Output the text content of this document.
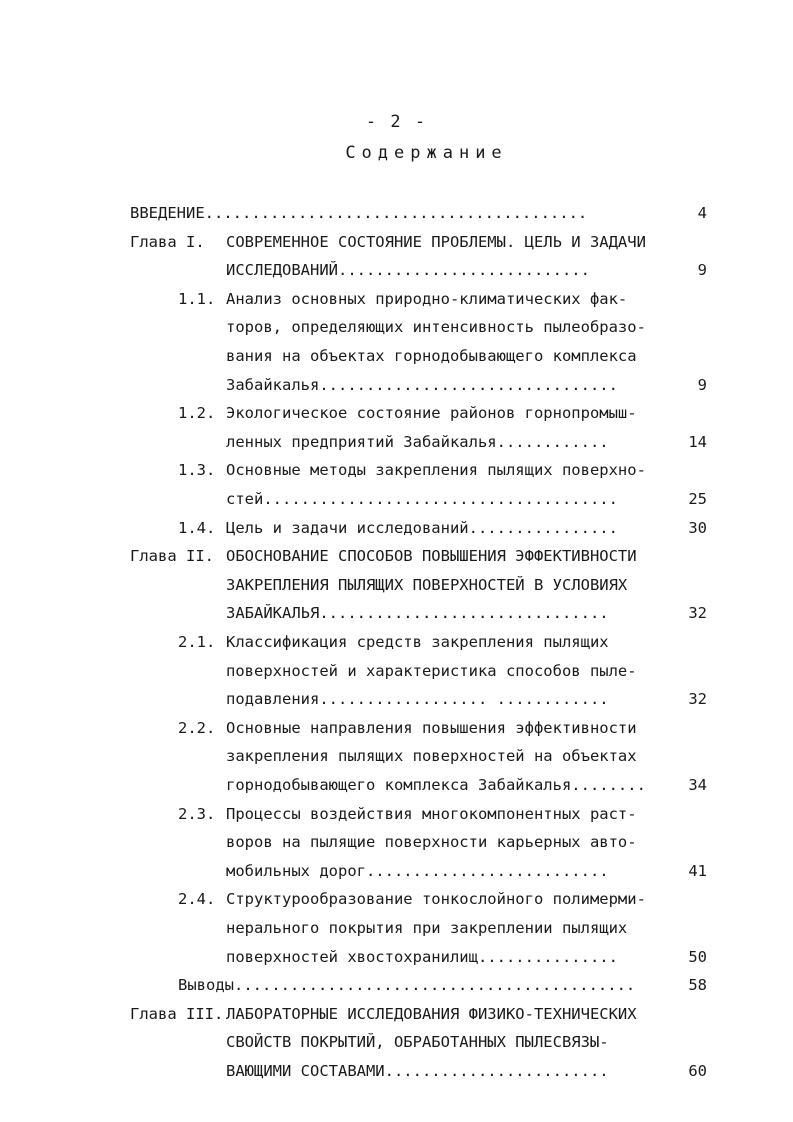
- 2 -
Содержание
ВВЕДЕНИЕ.........................................	4
Глава I. СОВРЕМЕННОЕ СОСТОЯНИЕ ПРОБЛЕМЫ. ЦЕЛЬ И ЗАДАЧИ
ИССЛЕДОВАНИЙ...........................	9
1.1. Анализ основных природно-климатических фак-
торов, определяющих интенсивность пылеобразо-
вания на объектах горнодобывающего комплекса
Забайкалья................................	9
1.2. Экологическое состояние районов горнопромыш-
ленных предприятий Забайкалья............	14
1.3. Основные методы закрепления пылящих поверхно-
стей......................................	25
1.4. Цель и задачи исследований................	30
Глава II. ОБОСНОВАНИЕ СПОСОБОВ ПОВЫШЕНИЯ ЭФФЕКТИВНОСТИ
ЗАКРЕПЛЕНИЯ ПЫЛЯЩИХ ПОВЕРХНОСТЕЙ В УСЛОВИЯХ
ЗАБАЙКАЛЬЯ...............................	32
2.1. Классификация средств закрепления пылящих
поверхностей и характеристика способов пыле-
подавления.................. ............	32
2.2. Основные направления повышения эффективности
закрепления пылящих поверхностей на объектах
горнодобывающего комплекса Забайкалья........	34
2.3. Процессы воздействия многокомпонентных раст-
воров на пылящие поверхности карьерных авто-
мобильных дорог..........................	41
2.4. Структурообразование тонкослойного полимерми-
нерального покрытия при закреплении пылящих
поверхностей хвостохранилищ...............	50
Выводы...........................................	58
Глава III. ЛАБОРАТОРНЫЕ ИССЛЕДОВАНИЯ ФИЗИКО-ТЕХНИЧЕСКИХ
СВОЙСТВ ПОКРЫТИЙ, ОБРАБОТАННЫХ ПЫЛЕСВЯЗЫ-
ВАЮЩИМИ СОСТАВАМИ........................	60
